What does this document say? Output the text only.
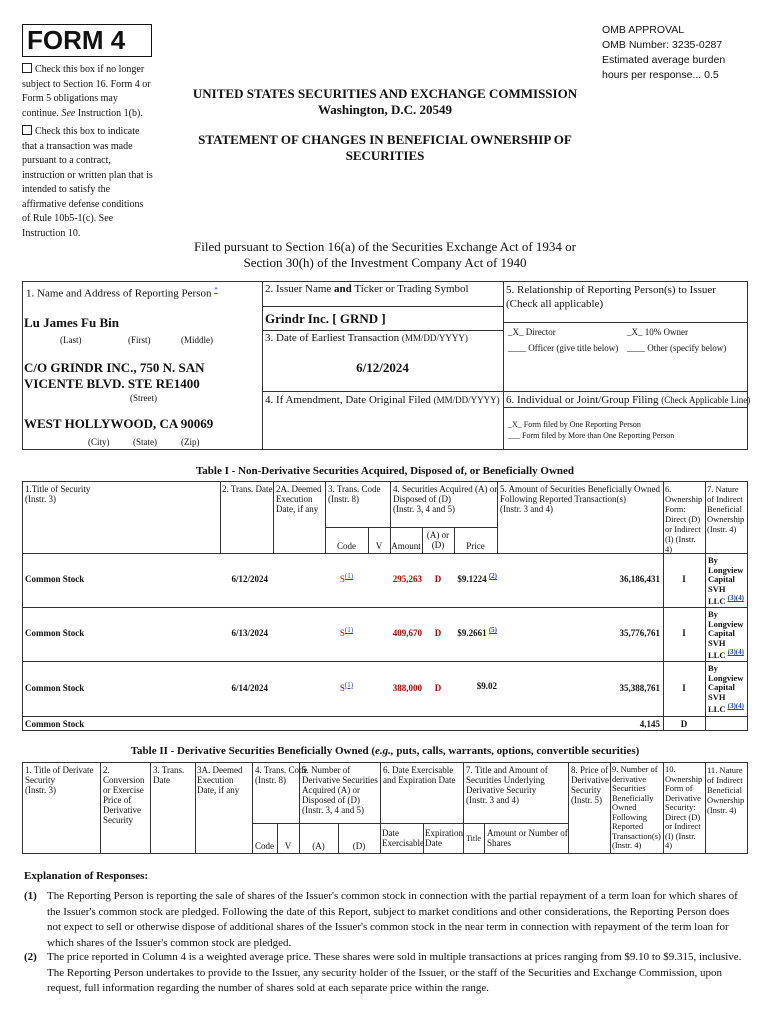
FORM 4	OMB APPROVAL
OMB Number: 3235-0287
Estimated average burden
hours per response... 0.5
Check this box if no longer
subject to Section 16. Form 4 or
Form 5 obligations may
continue. See Instruction 1(b).
Check this box to indicate
that a transaction was made
pursuant to a contract,
instruction or written plan that is
intended to satisfy the
affirmative defense conditions
of Rule 10b5-1(c). See
Instruction 10.
UNITED STATES SECURITIES AND EXCHANGE COMMISSION
Washington, D.C. 20549
STATEMENT OF CHANGES IN BENEFICIAL OWNERSHIP OF
SECURITIES
Filed pursuant to Section 16(a) of the Securities Exchange Act of 1934 or
Section 30(h) of the Investment Company Act of 1940
1. Name and Address of Reporting Person *
Lu James Fu Bin
(Last)	(First)	(Middle)
C/O GRINDR INC., 750 N. SAN
VICENTE BLVD. STE RE1400
(Street)
WEST HOLLYWOOD, CA 90069
(City)	(State)	(Zip)
2. Issuer Name and Ticker or Trading Symbol
Grindr Inc. [ GRND ]
3. Date of Earliest Transaction (MM/DD/YYYY)
6/12/2024
4. If Amendment, Date Original Filed (MM/DD/YYYY)
5. Relationship of Reporting Person(s) to Issuer
(Check all applicable)
_X_ Director	_X_ 10% Owner
____ Officer (give title below) ____ Other (specify below)
6. Individual or Joint/Group Filing (Check Applicable Line)
_X_ Form filed by One Reporting Person
___ Form filed by More than One Reporting Person
Table I - Non-Derivative Securities Acquired, Disposed of, or Beneficially Owned
1.Title of Security
(Instr. 3)
2. Trans. Date 2A. Deemed
Execution
Date, if any
3. Trans. Code
(Instr. 8)
4. Securities Acquired (A) or
Disposed of (D)
(Instr. 3, 4 and 5)
5. Amount of Securities Beneficially Owned
Following Reported Transaction(s)
(Instr. 3 and 4)
6.
Ownership
Form:
Direct (D)
or Indirect
(I) (Instr.
4)
7. Nature
of Indirect
Beneficial
Ownership
(Instr. 4)
Code	V Amount
(A) or
(D)	Price
Common Stock	6/12/2024	$S^{(1)}$	295,263	D	$9.1224 $^{(2)}$	36,186,431	I
By
Longview
Capital
SVH
LLC $^{(3)(4)}$
Common Stock	6/13/2024	$S^{(1)}$	409,670	D	$9.2661 $^{(5)}$	35,776,761	I
By
Longview
Capital
SVH
LLC $^{(3)(4)}$
Common Stock	6/14/2024	$S^{(1)}$	388,000	D	$9.02	35,388,761	I
By
Longview
Capital
SVH
LLC $^{(3)(4)}$
Common Stock	4,145	D
Table II - Derivative Securities Beneficially Owned (e.g., puts, calls, warrants, options, convertible securities)
1. Title of Derivate
Security
(Instr. 3)
2.
Conversion
or Exercise
Price of
Derivative
Security
3. Trans.
Date
3A. Deemed
Execution
Date, if any
4. Trans. Code
(Instr. 8)
5. Number of
Derivative Securities
Acquired (A) or
Disposed of (D)
(Instr. 3, 4 and 5)
6. Date Exercisable
and Expiration Date
7. Title and Amount of
Securities Underlying
Derivative Security
(Instr. 3 and 4)
8. Price of
Derivative
Security
(Instr. 5)
9. Number of
derivative
Securities
Beneficially
Owned
Following
Reported
Transaction(s)
(Instr. 4)
10.
Ownership
Form of
Derivative
Security:
Direct (D)
or Indirect
(I) (Instr.
4)
11. Nature
of Indirect
Beneficial
Ownership
(Instr. 4)
Code	V	(A)	(D)
Date
Exercisable
Expiration
Date	Title
Amount or Number of
Shares
Explanation of Responses:
(1) The Reporting Person is reporting the sale of shares of the Issuer's common stock in connection with the partial repayment of a term loan for which shares of
the Issuer's common stock are pledged. Following the date of this Report, subject to market conditions and other considerations, the Reporting Person does
not expect to sell or otherwise dispose of additional shares of the Issuer's common stock in the near term in connection with repayment of the term loan for
which shares of the Issuer's common stock are pledged.
(2) The price reported in Column 4 is a weighted average price. These shares were sold in multiple transactions at prices ranging from $9.10 to $9.315, inclusive.
The Reporting Person undertakes to provide to the Issuer, any security holder of the Issuer, or the staff of the Securities and Exchange Commission, upon
request, full information regarding the number of shares sold at each separate price within the range.
